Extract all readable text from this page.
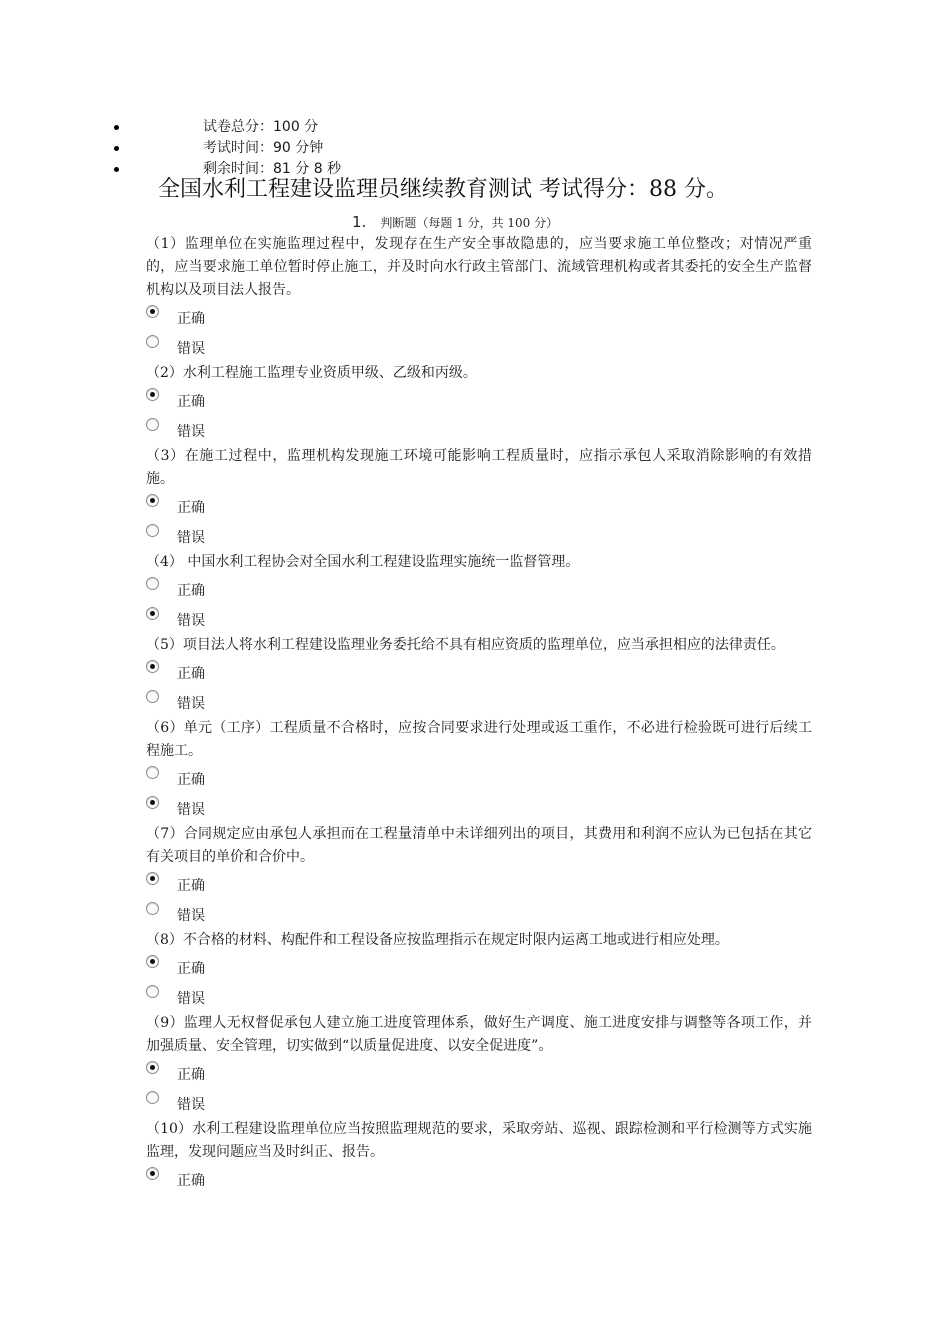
试卷总分：100 分
考试时间：90 分钟
剩余时间：81 分 8 秒
全国水利工程建设监理员继续教育测试 考试得分：88 分。
1. 判断题（每题 1 分，共 100 分）

（1）监理单位在实施监理过程中，发现存在生产安全事故隐患的，应当要求施工单位整改；对情况严重的，应当要求施工单位暂时停止施工，并及时向水行政主管部门、流域管理机构或者其委托的安全生产监督机构以及项目法人报告。

正确
错误

（2）水利工程施工监理专业资质甲级、乙级和丙级。

正确
错误

（3）在施工过程中，监理机构发现施工环境可能影响工程质量时，应指示承包人采取消除影响的有效措施。

正确
错误

（4） 中国水利工程协会对全国水利工程建设监理实施统一监督管理。

正确
错误

（5）项目法人将水利工程建设监理业务委托给不具有相应资质的监理单位，应当承担相应的法律责任。

正确
错误

（6）单元（工序）工程质量不合格时，应按合同要求进行处理或返工重作，不必进行检验既可进行后续工程施工。

正确
错误

（7）合同规定应由承包人承担而在工程量清单中未详细列出的项目，其费用和利润不应认为已包括在其它有关项目的单价和合价中。

正确
错误

（8）不合格的材料、构配件和工程设备应按监理指示在规定时限内运离工地或进行相应处理。

正确
错误

（9）监理人无权督促承包人建立施工进度管理体系，做好生产调度、施工进度安排与调整等各项工作，并加强质量、安全管理，切实做到“以质量促进度、以安全促进度”。

正确
错误

（10）水利工程建设监理单位应当按照监理规范的要求，采取旁站、巡视、跟踪检测和平行检测等方式实施监理，发现问题应当及时纠正、报告。

正确
